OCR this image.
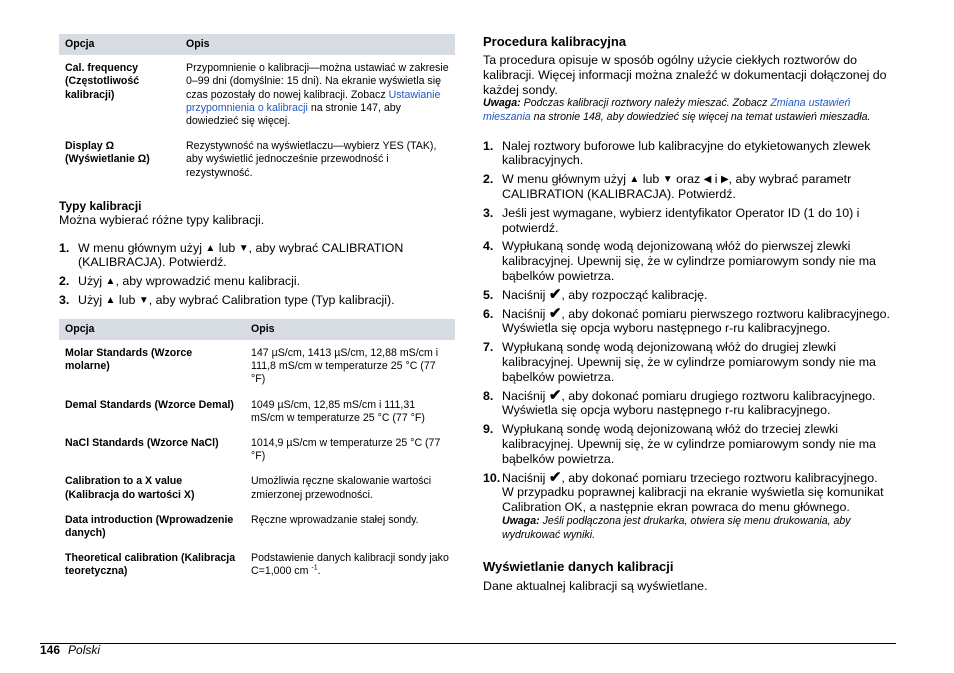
Opcja	Opis
Cal. frequency (Częstotliwość kalibracji)	Przypomnienie o kalibracji—można ustawiać w zakresie 0–99 dni (domyślnie: 15 dni). Na ekranie wyświetla się czas pozostały do nowej kalibracji. Zobacz Ustawianie przypomnienia o kalibracji na stronie 147, aby dowiedzieć się więcej.
Display Ω (Wyświetlanie Ω)	Rezystywność na wyświetlaczu—wybierz YES (TAK), aby wyświetlić jednocześnie przewodność i rezystywność.

Typy kalibracji

Można wybierać różne typy kalibracji.

1. W menu głównym użyj ▲ lub ▼, aby wybrać CALIBRATION (KALIBRACJA). Potwierdź.
2. Użyj ▲, aby wprowadzić menu kalibracji.
3. Użyj ▲ lub ▼, aby wybrać Calibration type (Typ kalibracji).
Opcja	Opis
Molar Standards (Wzorce molarne)	147 µS/cm, 1413 µS/cm, 12,88 mS/cm i 111,8 mS/cm w temperaturze 25 °C (77 °F)
Demal Standards (Wzorce Demal)	1049 µS/cm, 12,85 mS/cm i 111,31 mS/cm w temperaturze 25 °C (77 °F)
NaCl Standards (Wzorce NaCl)	1014,9 µS/cm w temperaturze 25 °C (77 °F)
Calibration to a X value (Kalibracja do wartości X)	Umożliwia ręczne skalowanie wartości zmierzonej przewodności.
Data introduction (Wprowadzenie danych)	Ręczne wprowadzanie stałej sondy.
Theoretical calibration (Kalibracja teoretyczna)	Podstawienie danych kalibracji sondy jako C=1,000 cm $^{-1}$.

Procedura kalibracyjna

Ta procedura opisuje w sposób ogólny użycie ciekłych roztworów do kalibracji. Więcej informacji można znaleźć w dokumentacji dołączonej do każdej sondy.

Uwaga: Podczas kalibracji roztwory należy mieszać. Zobacz Zmiana ustawień mieszania na stronie 148, aby dowiedzieć się więcej na temat ustawień mieszadła.

1. Nalej roztwory buforowe lub kalibracyjne do etykietowanych zlewek kalibracyjnych.
2. W menu głównym użyj ▲ lub ▼ oraz ◀ i ▶, aby wybrać parametr CALIBRATION (KALIBRACJA). Potwierdź.
3. Jeśli jest wymagane, wybierz identyfikator Operator ID (1 do 10) i potwierdź.
4. Wypłukaną sondę wodą dejonizowaną włóż do pierwszej zlewki kalibracyjnej. Upewnij się, że w cylindrze pomiarowym sondy nie ma bąbelków powietrza.
5. Naciśnij ✔, aby rozpocząć kalibrację.
6. Naciśnij ✔, aby dokonać pomiaru pierwszego roztworu kalibracyjnego.
Wyświetla się opcja wyboru następnego r-ru kalibracyjnego.
7. Wypłukaną sondę wodą dejonizowaną włóż do drugiej zlewki kalibracyjnej. Upewnij się, że w cylindrze pomiarowym sondy nie ma bąbelków powietrza.
8. Naciśnij ✔, aby dokonać pomiaru drugiego roztworu kalibracyjnego.
Wyświetla się opcja wyboru następnego r-ru kalibracyjnego.
9. Wypłukaną sondę wodą dejonizowaną włóż do trzeciej zlewki kalibracyjnej. Upewnij się, że w cylindrze pomiarowym sondy nie ma bąbelków powietrza.
10. Naciśnij ✔, aby dokonać pomiaru trzeciego roztworu kalibracyjnego.
W przypadku poprawnej kalibracji na ekranie wyświetla się komunikat Calibration OK, a następnie ekran powraca do menu głównego.

Uwaga: Jeśli podłączona jest drukarka, otwiera się menu drukowania, aby wydrukować wyniki.

Wyświetlanie danych kalibracji

Dane aktualnej kalibracji są wyświetlane.

146 Polski
